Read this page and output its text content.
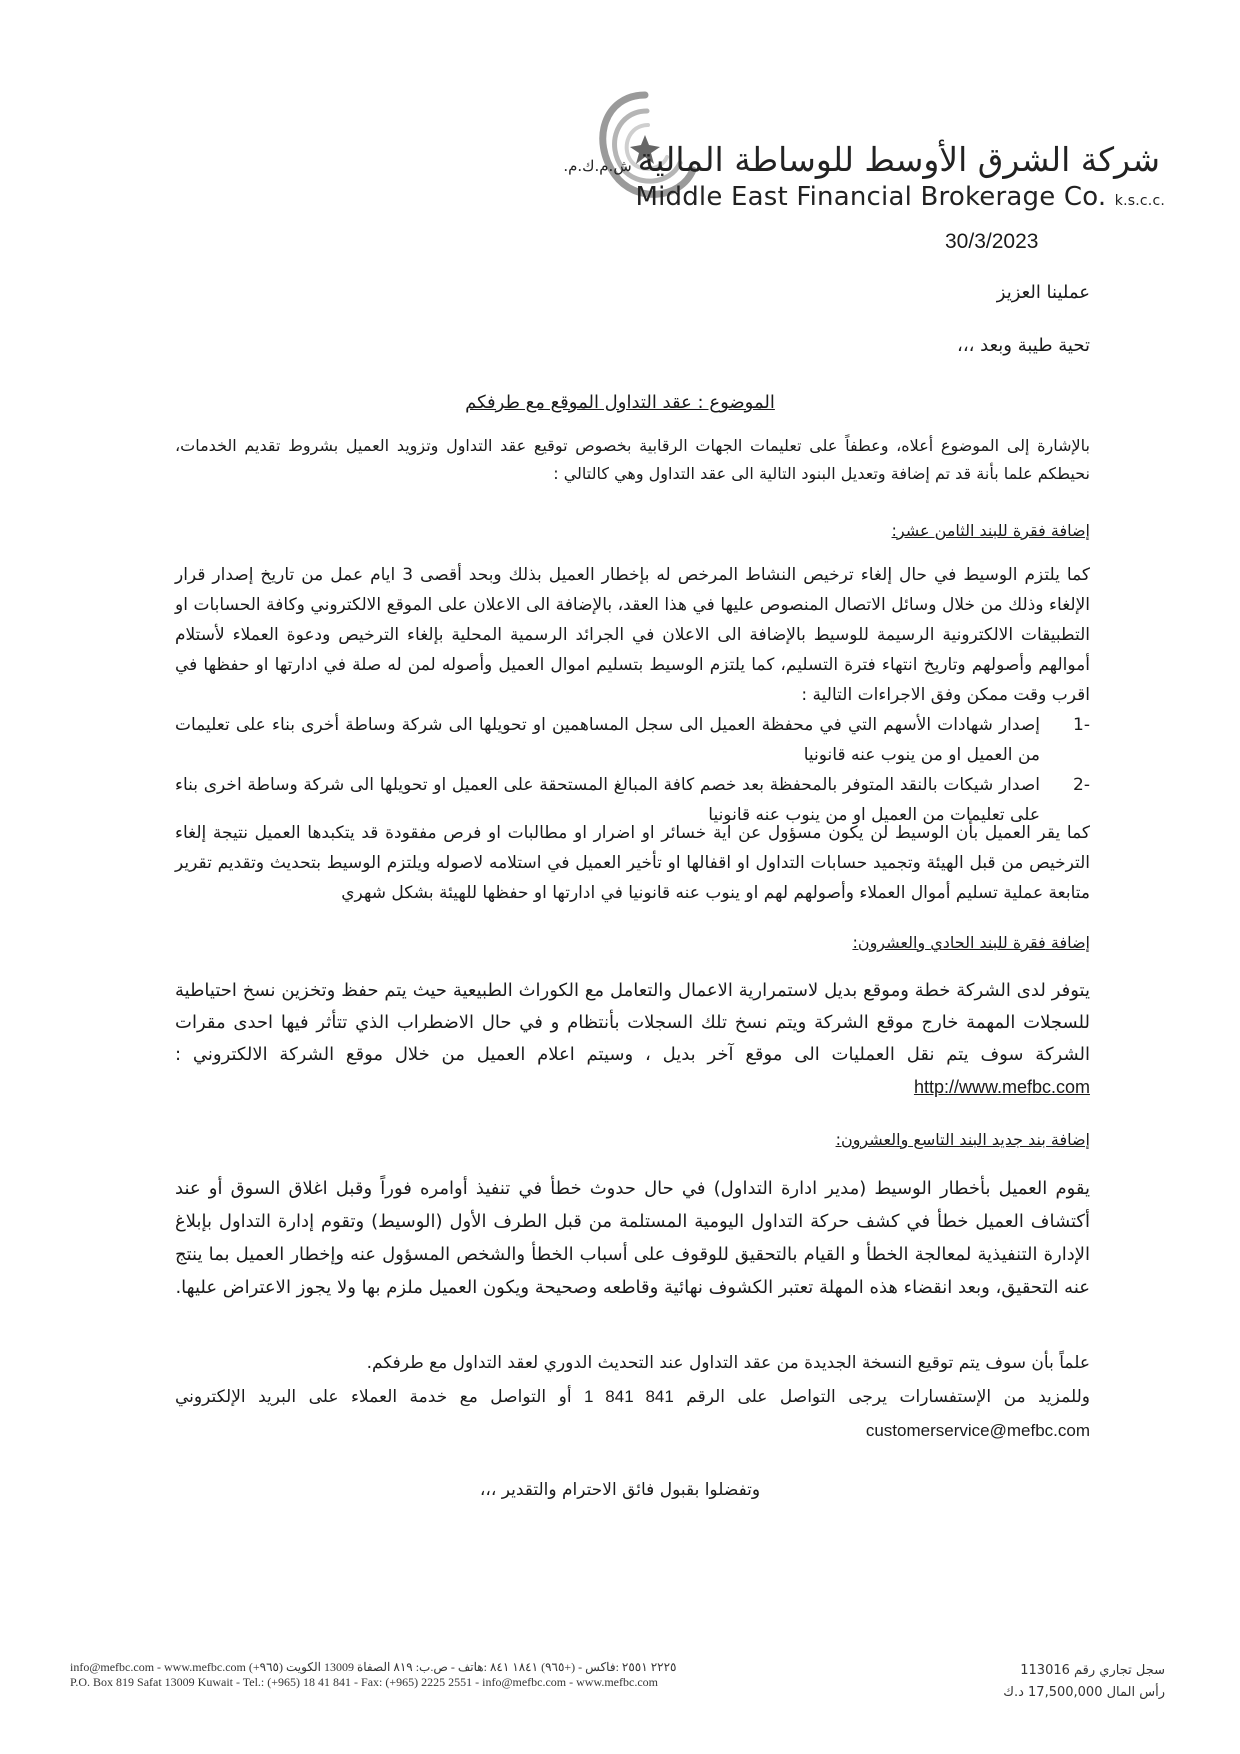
شركة الشرق الأوسط للوساطة الماليةش.م.ك.م.
Middle East Financial Brokerage Co. k.s.c.c.
30/3/2023
عملينا العزيز
تحية طيبة وبعد ،،،
الموضوع : عقد التداول الموقع مع طرفكم
بالإشارة إلى الموضوع أعلاه، وعطفاً على تعليمات الجهات الرقابية بخصوص توقيع عقد التداول وتزويد العميل بشروط تقديم الخدمات، نحيطكم علما بأنة قد تم إضافة وتعديل البنود التالية الى عقد التداول وهي كالتالي :
إضافة فقرة للبند الثامن عشر:
كما يلتزم الوسيط في حال إلغاء ترخيص النشاط المرخص له بإخطار العميل بذلك وبحد أقصى 3 ايام عمل من تاريخ إصدار قرار الإلغاء وذلك من خلال وسائل الاتصال المنصوص عليها في هذا العقد، بالإضافة الى الاعلان على الموقع الالكتروني وكافة الحسابات او التطبيقات الالكترونية الرسيمة للوسيط بالإضافة الى الاعلان في الجرائد الرسمية المحلية بإلغاء الترخيص ودعوة العملاء لأستلام أموالهم وأصولهم وتاريخ انتهاء فترة التسليم، كما يلتزم الوسيط بتسليم اموال العميل وأصوله لمن له صلة في ادارتها او حفظها في اقرب وقت ممكن وفق الاجراءات التالية :
-1
إصدار شهادات الأسهم التي في محفظة العميل الى سجل المساهمين او تحويلها الى شركة وساطة أخرى بناء على تعليمات من العميل او من ينوب عنه قانونيا
-2
اصدار شيكات بالنقد المتوفر بالمحفظة بعد خصم كافة المبالغ المستحقة على العميل او تحويلها الى شركة وساطة اخرى بناء على تعليمات من العميل او من ينوب عنه قانونيا
كما يقر العميل بأن الوسيط لن يكون مسؤول عن اية خسائر او اضرار او مطالبات او فرص مفقودة قد يتكبدها العميل نتيجة إلغاء الترخيص من قبل الهيئة وتجميد حسابات التداول او اقفالها او تأخير العميل في استلامه لاصوله ويلتزم الوسيط بتحديث وتقديم تقرير متابعة عملية تسليم أموال العملاء وأصولهم لهم او ينوب عنه قانونيا في ادارتها او حفظها للهيئة بشكل شهري
إضافة فقرة للبند الحادي والعشرون:
يتوفر لدى الشركة خطة وموقع بديل لاستمرارية الاعمال والتعامل مع الكوراث الطبيعية حيث يتم حفظ وتخزين نسخ احتياطية للسجلات المهمة خارج موقع الشركة ويتم نسخ تلك السجلات بأنتظام و في حال الاضطراب الذي تتأثر فيها احدى مقرات الشركة سوف يتم نقل العمليات الى موقع آخر بديل ، وسيتم اعلام العميل من خلال موقع الشركة الالكتروني : http://www.mefbc.com
إضافة بند جديد البند التاسع والعشرون:
يقوم العميل بأخطار الوسيط (مدير ادارة التداول) في حال حدوث خطأ في تنفيذ أوامره فوراً وقبل اغلاق السوق أو عند أكتشاف العميل خطأ في كشف حركة التداول اليومية المستلمة من قبل الطرف الأول (الوسيط) وتقوم إدارة التداول بإبلاغ الإدارة التنفيذية لمعالجة الخطأ و القيام بالتحقيق للوقوف على أسباب الخطأ والشخص المسؤول عنه وإخطار العميل بما ينتج عنه التحقيق، وبعد انقضاء هذه المهلة تعتبر الكشوف نهائية وقاطعه وصحيحة ويكون العميل ملزم بها ولا يجوز الاعتراض عليها.
علماً بأن سوف يتم توقيع النسخة الجديدة من عقد التداول عند التحديث الدوري لعقد التداول مع طرفكم.
وللمزيد من الإستفسارات يرجى التواصل على الرقم 1 841 841 أو التواصل مع خدمة العملاء على البريد الإلكتروني customerservice@mefbc.com
وتفضلوا بقبول فائق الاحترام والتقدير ،،،
info@mefbc.com - www.mefbc.com (+٩٦٥) ٢٢٢٥ ٢٥٥١ :فاكس - (+٩٦٥) ١٨٤١ ٨٤١ :هاتف - ص.ب: ٨١٩ الصفاة 13009 الكويت
P.O. Box 819 Safat 13009 Kuwait - Tel.: (+965) 18 41 841 - Fax: (+965) 2225 2551 - info@mefbc.com - www.mefbc.com
سجل تجاري رقم 113016
رأس المال 17,500,000 د.ك
